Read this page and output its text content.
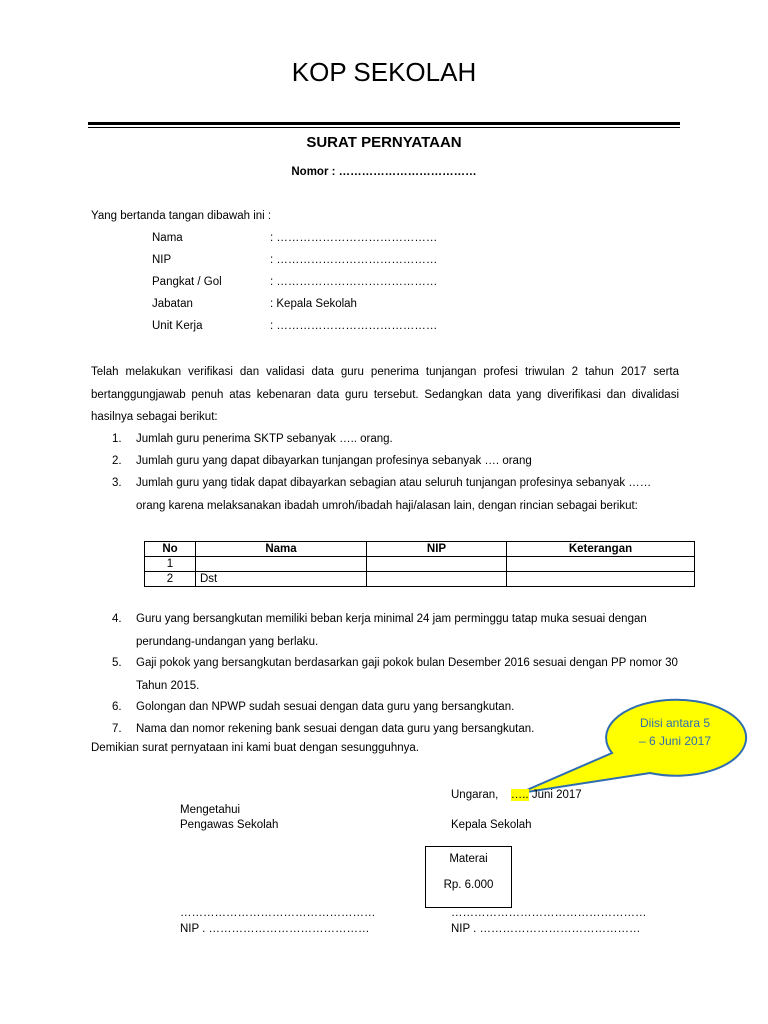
KOP SEKOLAH
SURAT PERNYATAAN
Nomor : ………………………………
Yang bertanda tangan dibawah ini :
Nama	: ……………………………………
NIP	: ……………………………………
Pangkat / Gol	: ……………………………………
Jabatan	: Kepala Sekolah
Unit Kerja	: ……………………………………
Telah melakukan verifikasi dan validasi data guru penerima tunjangan profesi triwulan 2 tahun 2017 serta bertanggungjawab penuh atas kebenaran data guru tersebut. Sedangkan data yang diverifikasi dan divalidasi hasilnya sebagai berikut:
1. Jumlah guru penerima SKTP sebanyak ….. orang.
2. Jumlah guru yang dapat dibayarkan tunjangan profesinya sebanyak …. orang
3. Jumlah guru yang tidak dapat dibayarkan sebagian atau seluruh tunjangan profesinya sebanyak …… orang karena melaksanakan ibadah umroh/ibadah haji/alasan lain, dengan rincian sebagai berikut:
No	Nama	NIP	Keterangan
1			
2	Dst		
4. Guru yang bersangkutan memiliki beban kerja minimal 24 jam perminggu tatap muka sesuai dengan perundang-undangan yang berlaku.
5. Gaji pokok yang bersangkutan berdasarkan gaji pokok bulan Desember 2016 sesuai dengan PP nomor 30 Tahun 2015.
6. Golongan dan NPWP sudah sesuai dengan data guru yang bersangkutan.
7. Nama dan nomor rekening bank sesuai dengan data guru yang bersangkutan.
Demikian surat pernyataan ini kami buat dengan sesungguhnya.
Diisi antara 5
– 6 Juni 2017
Ungaran, ….. Juni 2017
Mengetahui
Pengawas Sekolah	Kepala Sekolah
Materai
Rp. 6.000
……………………………………………
NIP . ……………………………………
……………………………………………
NIP . ……………………………………
